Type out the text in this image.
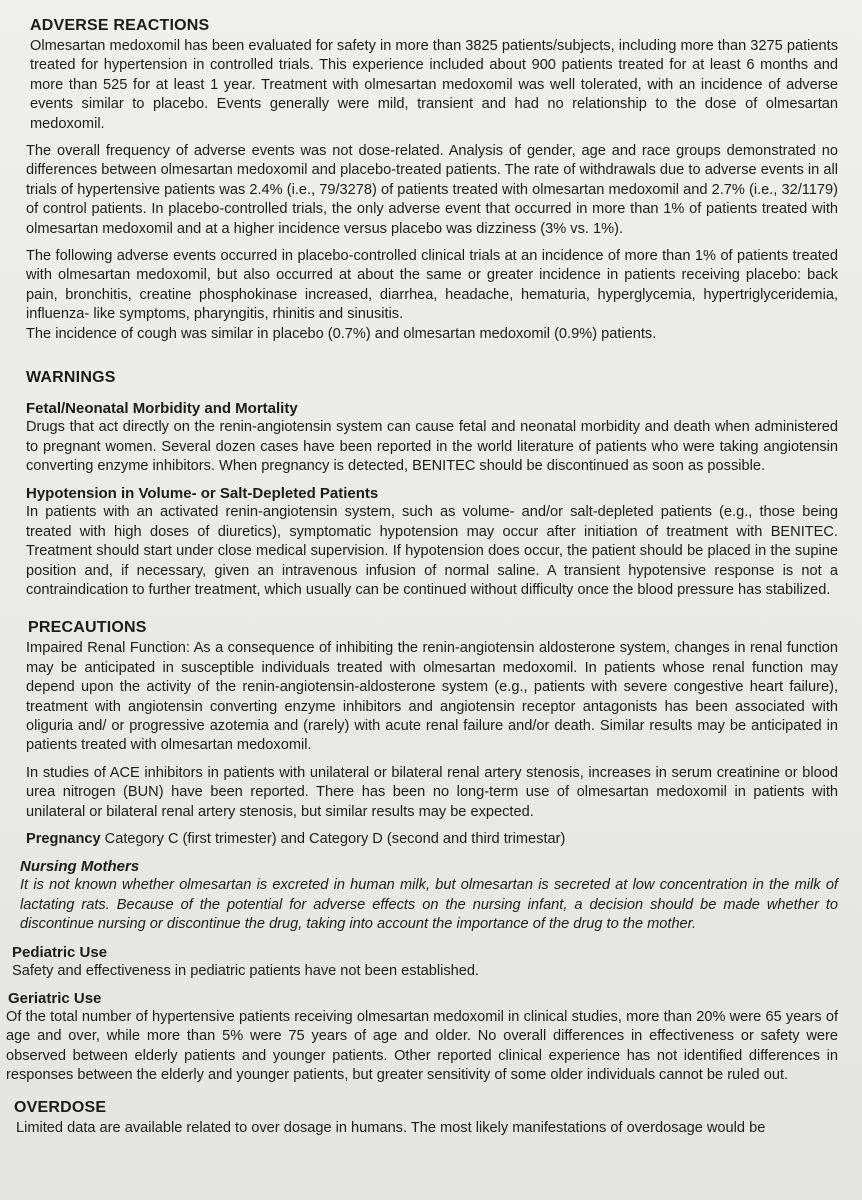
ADVERSE REACTIONS

Olmesartan medoxomil has been evaluated for safety in more than 3825 patients/subjects, including more than 3275 patients treated for hypertension in controlled trials. This experience included about 900 patients treated for at least 6 months and more than 525 for at least 1 year. Treatment with olmesartan medoxomil was well tolerated, with an incidence of adverse events similar to placebo. Events generally were mild, transient and had no relationship to the dose of olmesartan medoxomil.

The overall frequency of adverse events was not dose-related. Analysis of gender, age and race groups demonstrated no differences between olmesartan medoxomil and placebo-treated patients. The rate of withdrawals due to adverse events in all trials of hypertensive patients was 2.4% (i.e., 79/3278) of patients treated with olmesartan medoxomil and 2.7% (i.e., 32/1179) of control patients. In placebo-controlled trials, the only adverse event that occurred in more than 1% of patients treated with olmesartan medoxomil and at a higher incidence versus placebo was dizziness (3% vs. 1%).

The following adverse events occurred in placebo-controlled clinical trials at an incidence of more than 1% of patients treated with olmesartan medoxomil, but also occurred at about the same or greater incidence in patients receiving placebo: back pain, bronchitis, creatine phosphokinase increased, diarrhea, headache, hematuria, hyperglycemia, hypertriglyceridemia, influenza- like symptoms, pharyngitis, rhinitis and sinusitis.

The incidence of cough was similar in placebo (0.7%) and olmesartan medoxomil (0.9%) patients.

WARNINGS
Fetal/Neonatal Morbidity and Mortality

Drugs that act directly on the renin-angiotensin system can cause fetal and neonatal morbidity and death when administered to pregnant women. Several dozen cases have been reported in the world literature of patients who were taking angiotensin converting enzyme inhibitors. When pregnancy is detected, BENITEC should be discontinued as soon as possible.

Hypotension in Volume- or Salt-Depleted Patients

In patients with an activated renin-angiotensin system, such as volume- and/or salt-depleted patients (e.g., those being treated with high doses of diuretics), symptomatic hypotension may occur after initiation of treatment with BENITEC. Treatment should start under close medical supervision. If hypotension does occur, the patient should be placed in the supine position and, if necessary, given an intravenous infusion of normal saline. A transient hypotensive response is not a contraindication to further treatment, which usually can be continued without difficulty once the blood pressure has stabilized.

PRECAUTIONS

Impaired Renal Function: As a consequence of inhibiting the renin-angiotensin aldosterone system, changes in renal function may be anticipated in susceptible individuals treated with olmesartan medoxomil. In patients whose renal function may depend upon the activity of the renin-angiotensin-aldosterone system (e.g., patients with severe congestive heart failure), treatment with angiotensin converting enzyme inhibitors and angiotensin receptor antagonists has been associated with oliguria and/ or progressive azotemia and (rarely) with acute renal failure and/or death. Similar results may be anticipated in patients treated with olmesartan medoxomil.

In studies of ACE inhibitors in patients with unilateral or bilateral renal artery stenosis, increases in serum creatinine or blood urea nitrogen (BUN) have been reported. There has been no long-term use of olmesartan medoxomil in patients with unilateral or bilateral renal artery stenosis, but similar results may be expected.

Pregnancy Category C (first trimester) and Category D (second and third trimestar)

Nursing Mothers

It is not known whether olmesartan is excreted in human milk, but olmesartan is secreted at low concentration in the milk of lactating rats. Because of the potential for adverse effects on the nursing infant, a decision should be made whether to discontinue nursing or discontinue the drug, taking into account the importance of the drug to the mother.

Pediatric Use

Safety and effectiveness in pediatric patients have not been established.

Geriatric Use

Of the total number of hypertensive patients receiving olmesartan medoxomil in clinical studies, more than 20% were 65 years of age and over, while more than 5% were 75 years of age and older. No overall differences in effectiveness or safety were observed between elderly patients and younger patients. Other reported clinical experience has not identified differences in responses between the elderly and younger patients, but greater sensitivity of some older individuals cannot be ruled out.

OVERDOSE

Limited data are available related to over dosage in humans. The most likely manifestations of overdosage would be
